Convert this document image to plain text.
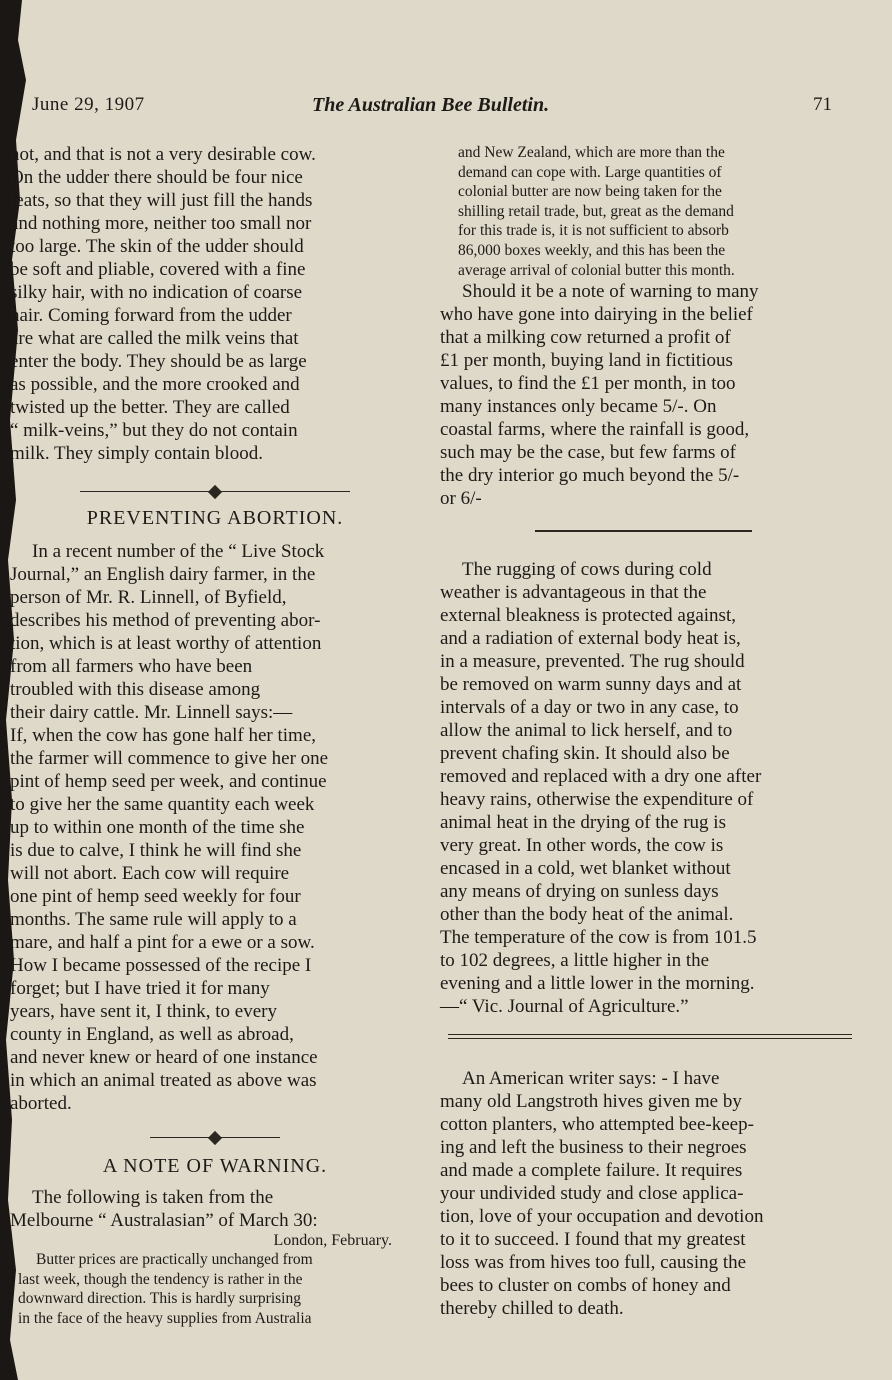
June 29, 1907	The Australian Bee Bulletin.	71
not, and that is not a very desirable cow.
On the udder there should be four nice
teats, so that they will just fill the hands
and nothing more, neither too small nor
too large. The skin of the udder should
be soft and pliable, covered with a fine
silky hair, with no indication of coarse
hair. Coming forward from the udder
are what are called the milk veins that
enter the body. They should be as large
as possible, and the more crooked and
twisted up the better. They are called
“ milk-veins,” but they do not contain
milk. They simply contain blood.
PREVENTING ABORTION.
In a recent number of the “ Live Stock
Journal,” an English dairy farmer, in the
person of Mr. R. Linnell, of Byfield,
describes his method of preventing abor-
tion, which is at least worthy of attention
from all farmers who have been
troubled with this disease among
their dairy cattle. Mr. Linnell says:—
If, when the cow has gone half her time,
the farmer will commence to give her one
pint of hemp seed per week, and continue
to give her the same quantity each week
up to within one month of the time she
is due to calve, I think he will find she
will not abort. Each cow will require
one pint of hemp seed weekly for four
months. The same rule will apply to a
mare, and half a pint for a ewe or a sow.
How I became possessed of the recipe I
forget; but I have tried it for many
years, have sent it, I think, to every
county in England, as well as abroad,
and never knew or heard of one instance
in which an animal treated as above was
aborted.
A NOTE OF WARNING.
The following is taken from the
Melbourne “ Australasian” of March 30:
London, February.
Butter prices are practically unchanged from
last week, though the tendency is rather in the
downward direction. This is hardly surprising
in the face of the heavy supplies from Australia
and New Zealand, which are more than the
demand can cope with. Large quantities of
colonial butter are now being taken for the
shilling retail trade, but, great as the demand
for this trade is, it is not sufficient to absorb
86,000 boxes weekly, and this has been the
average arrival of colonial butter this month.
Should it be a note of warning to many
who have gone into dairying in the belief
that a milking cow returned a profit of
£1 per month, buying land in fictitious
values, to find the £1 per month, in too
many instances only became 5/-. On
coastal farms, where the rainfall is good,
such may be the case, but few farms of
the dry interior go much beyond the 5/-
or 6/-
The rugging of cows during cold
weather is advantageous in that the
external bleakness is protected against,
and a radiation of external body heat is,
in a measure, prevented. The rug should
be removed on warm sunny days and at
intervals of a day or two in any case, to
allow the animal to lick herself, and to
prevent chafing skin. It should also be
removed and replaced with a dry one after
heavy rains, otherwise the expenditure of
animal heat in the drying of the rug is
very great. In other words, the cow is
encased in a cold, wet blanket without
any means of drying on sunless days
other than the body heat of the animal.
The temperature of the cow is from 101.5
to 102 degrees, a little higher in the
evening and a little lower in the morning.
—“ Vic. Journal of Agriculture.”
An American writer says: - I have
many old Langstroth hives given me by
cotton planters, who attempted bee-keep-
ing and left the business to their negroes
and made a complete failure. It requires
your undivided study and close applica-
tion, love of your occupation and devotion
to it to succeed. I found that my greatest
loss was from hives too full, causing the
bees to cluster on combs of honey and
thereby chilled to death.
